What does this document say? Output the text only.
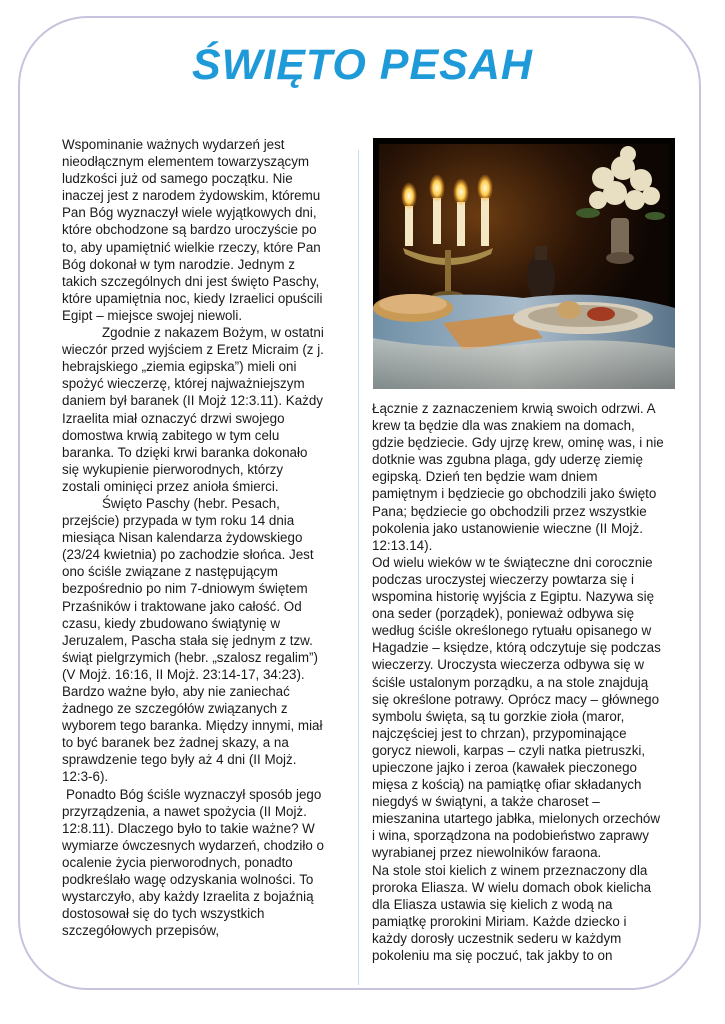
ŚWIĘTO PESAH

Wspominanie ważnych wydarzeń jest nieodłącznym elementem towarzyszącym ludzkości już od samego początku. Nie inaczej jest z narodem żydowskim, któremu Pan Bóg wyznaczył wiele wyjątkowych dni, które obchodzone są bardzo uroczyście po to, aby upamiętnić wielkie rzeczy, które Pan Bóg dokonał w tym narodzie. Jednym z takich szczególnych dni jest święto Paschy, które upamiętnia noc, kiedy Izraelici opuścili Egipt – miejsce swojej niewoli.

Zgodnie z nakazem Bożym, w ostatni wieczór przed wyjściem z Eretz Micraim (z j. hebrajskiego „ziemia egipska”) mieli oni spożyć wieczerzę, której najważniejszym daniem był baranek (II Mojż 12:3.11). Każdy Izraelita miał oznaczyć drzwi swojego domostwa krwią zabitego w tym celu baranka. To dzięki krwi baranka dokonało się wykupienie pierworodnych, którzy zostali ominięci przez anioła śmierci.

Święto Paschy (hebr. Pesach, przejście) przypada w tym roku 14 dnia miesiąca Nisan kalendarza żydowskiego (23/24 kwietnia) po zachodzie słońca. Jest ono ściśle związane z następującym bezpośrednio po nim 7-dniowym świętem Przaśników i traktowane jako całość. Od czasu, kiedy zbudowano świątynię w Jeruzalem, Pascha stała się jednym z tzw. świąt pielgrzymich (hebr. „szalosz regalim”) (V Mojż. 16:16, II Mojż. 23:14-17, 34:23). Bardzo ważne było, aby nie zaniechać żadnego ze szczegółów związanych z wyborem tego baranka. Między innymi, miał to być baranek bez żadnej skazy, a na sprawdzenie tego były aż 4 dni (II Mojż. 12:3-6).

Ponadto Bóg ściśle wyznaczył sposób jego przyrządzenia, a nawet spożycia (II Mojż. 12:8.11). Dlaczego było to takie ważne? W wymiarze ówczesnych wydarzeń, chodziło o ocalenie życia pierworodnych, ponadto podkreślało wagę odzyskania wolności. To wystarczyło, aby każdy Izraelita z bojaźnią dostosował się do tych wszystkich szczegółowych przepisów,

Łącznie z zaznaczeniem krwią swoich odrzwi. A krew ta będzie dla was znakiem na domach, gdzie będziecie. Gdy ujrzę krew, ominę was, i nie dotknie was zgubna plaga, gdy uderzę ziemię egipską. Dzień ten będzie wam dniem pamiętnym i będziecie go obchodzili jako święto Pana; będziecie go obchodzili przez wszystkie pokolenia jako ustanowienie wieczne (II Mojż. 12:13.14).

Od wielu wieków w te świąteczne dni corocznie podczas uroczystej wieczerzy powtarza się i wspomina historię wyjścia z Egiptu. Nazywa się ona seder (porządek), ponieważ odbywa się według ściśle określonego rytuału opisanego w Hagadzie – księdze, którą odczytuje się podczas wieczerzy. Uroczysta wieczerza odbywa się w ściśle ustalonym porządku, a na stole znajdują się określone potrawy. Oprócz macy – głównego symbolu święta, są tu gorzkie zioła (maror, najczęściej jest to chrzan), przypominające gorycz niewoli, karpas – czyli natka pietruszki, upieczone jajko i zeroa (kawałek pieczonego mięsa z kością) na pamiątkę ofiar składanych niegdyś w świątyni, a także charoset – mieszanina utartego jabłka, mielonych orzechów i wina, sporządzona na podobieństwo zaprawy wyrabianej przez niewolników faraona.

Na stole stoi kielich z winem przeznaczony dla proroka Eliasza. W wielu domach obok kielicha dla Eliasza ustawia się kielich z wodą na pamiątkę prorokini Miriam. Każde dziecko i każdy dorosły uczestnik sederu w każdym pokoleniu ma się poczuć, tak jakby to on
